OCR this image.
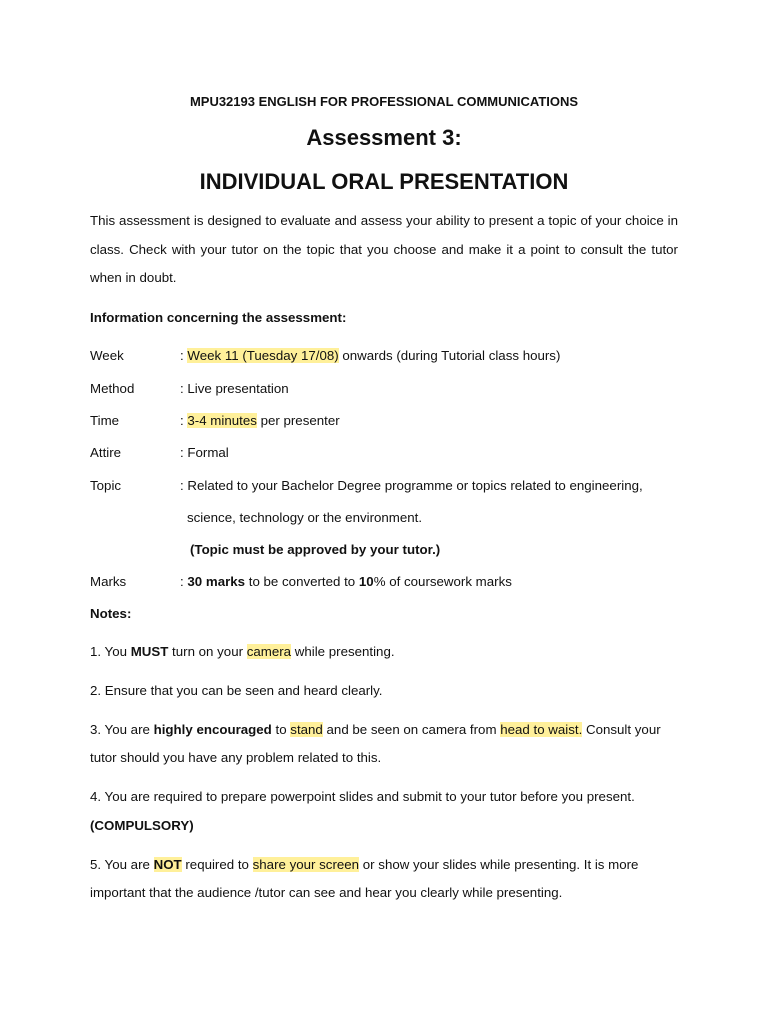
MPU32193 ENGLISH FOR PROFESSIONAL COMMUNICATIONS
Assessment 3:
INDIVIDUAL ORAL PRESENTATION
This assessment is designed to evaluate and assess your ability to present a topic of your choice in class. Check with your tutor on the topic that you choose and make it a point to consult the tutor when in doubt.
Information concerning the assessment:
Week	: Week 11 (Tuesday 17/08) onwards (during Tutorial class hours)
Method	: Live presentation
Time	: 3-4 minutes per presenter
Attire	: Formal
Topic	: Related to your Bachelor Degree programme or topics related to engineering,
science, technology or the environment.
(Topic must be approved by your tutor.)
Marks	: 30 marks to be converted to 10% of coursework marks
Notes:
1. You MUST turn on your camera while presenting.
2. Ensure that you can be seen and heard clearly.
3. You are highly encouraged to stand and be seen on camera from head to waist. Consult your
tutor should you have any problem related to this.
4. You are required to prepare powerpoint slides and submit to your tutor before you present.
(COMPULSORY)
5. You are NOT required to share your screen or show your slides while presenting. It is more
important that the audience /tutor can see and hear you clearly while presenting.
